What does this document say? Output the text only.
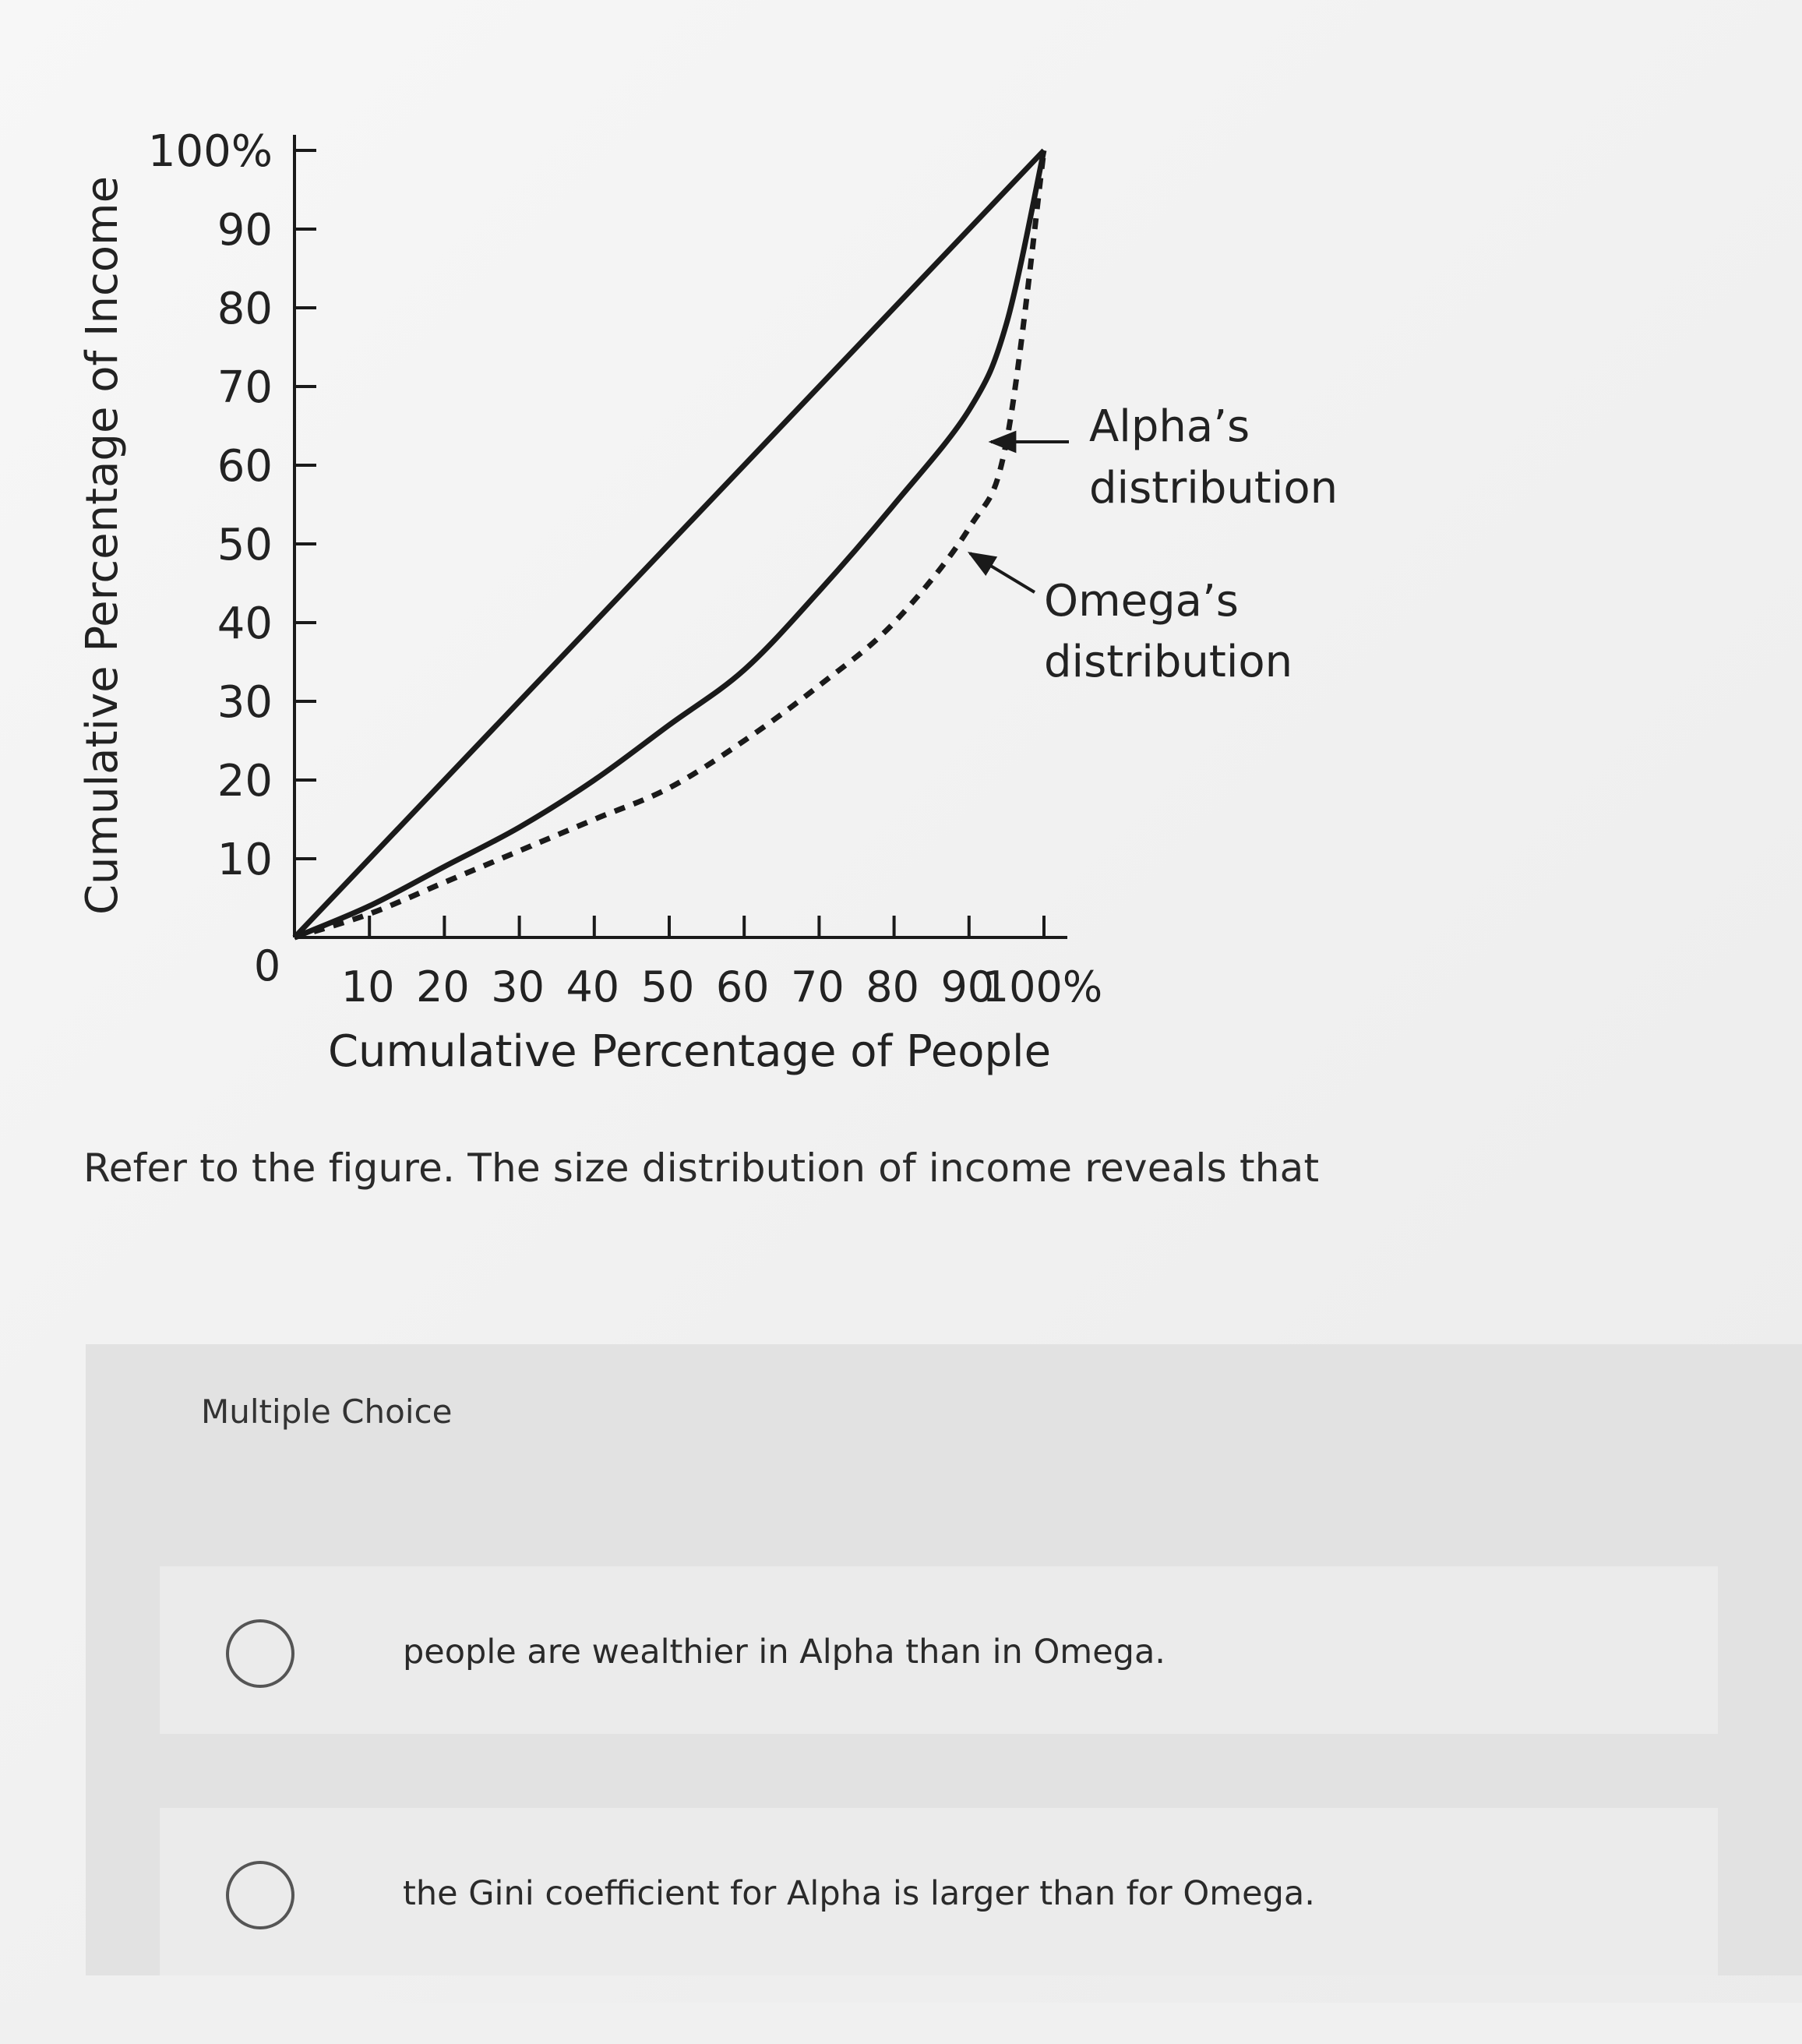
10
20
30
40
50
60
70
80
90
100%
10 20 30 40 50 60 70 80 90
100%
0
Cumulative Percentage of People
Cumulative Percentage of Income	Alpha’s
distribution
Omega’s
distribution
Refer to the figure. The size distribution of income reveals that
Multiple Choice
people are wealthier in Alpha than in Omega.
the Gini coefficient for Alpha is larger than for Omega.
